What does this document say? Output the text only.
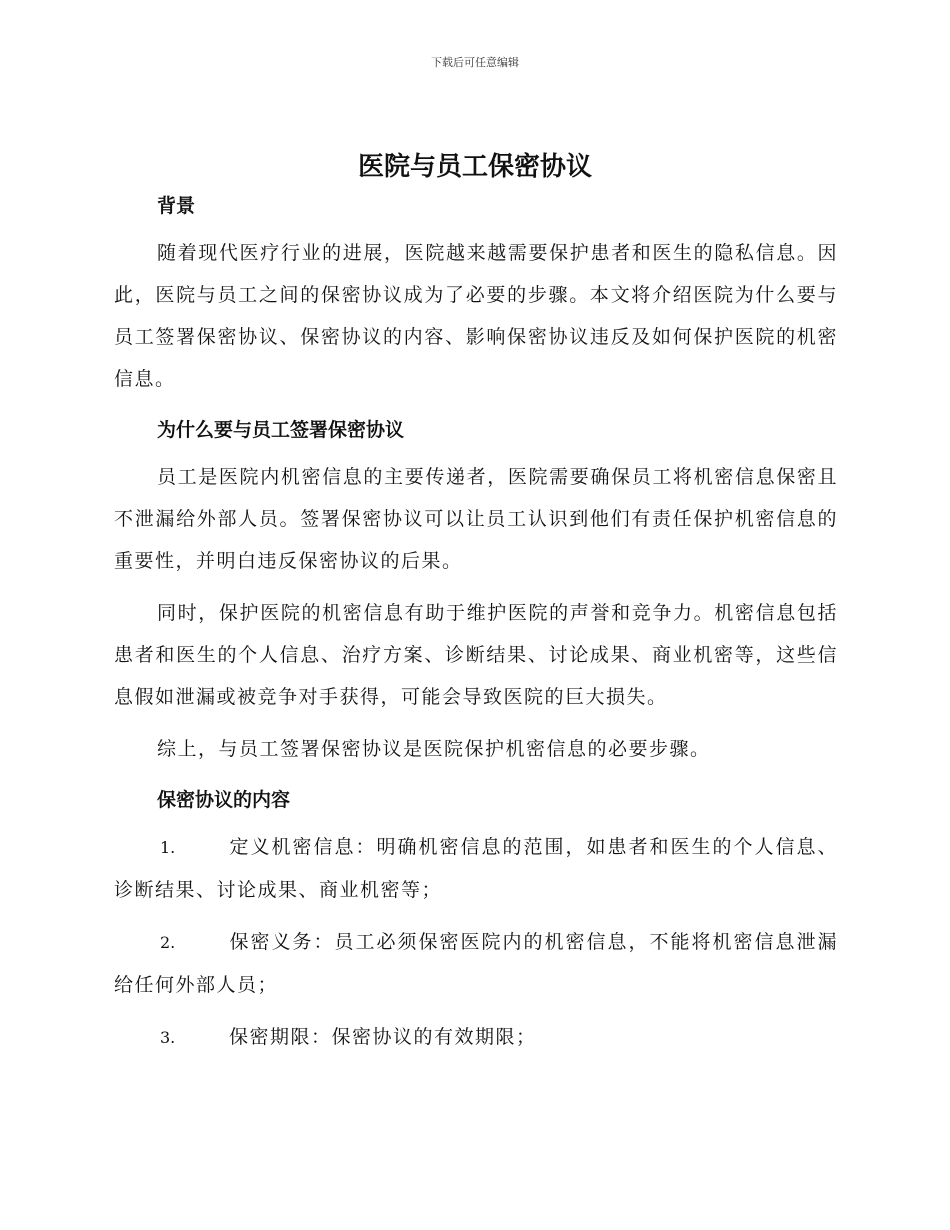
下载后可任意编辑
医院与员工保密协议
背景

随着现代医疗行业的进展，医院越来越需要保护患者和医生的隐私信息。因此，医院与员工之间的保密协议成为了必要的步骤。本文将介绍医院为什么要与员工签署保密协议、保密协议的内容、影响保密协议违反及如何保护医院的机密信息。

为什么要与员工签署保密协议

员工是医院内机密信息的主要传递者，医院需要确保员工将机密信息保密且不泄漏给外部人员。签署保密协议可以让员工认识到他们有责任保护机密信息的重要性，并明白违反保密协议的后果。

同时，保护医院的机密信息有助于维护医院的声誉和竞争力。机密信息包括患者和医生的个人信息、治疗方案、诊断结果、讨论成果、商业机密等，这些信息假如泄漏或被竞争对手获得，可能会导致医院的巨大损失。

综上，与员工签署保密协议是医院保护机密信息的必要步骤。

保密协议的内容

1.	定义机密信息：明确机密信息的范围，如患者和医生的个人信息、诊断结果、讨论成果、商业机密等；

2.	保密义务：员工必须保密医院内的机密信息，不能将机密信息泄漏给任何外部人员；

3.	保密期限：保密协议的有效期限；
